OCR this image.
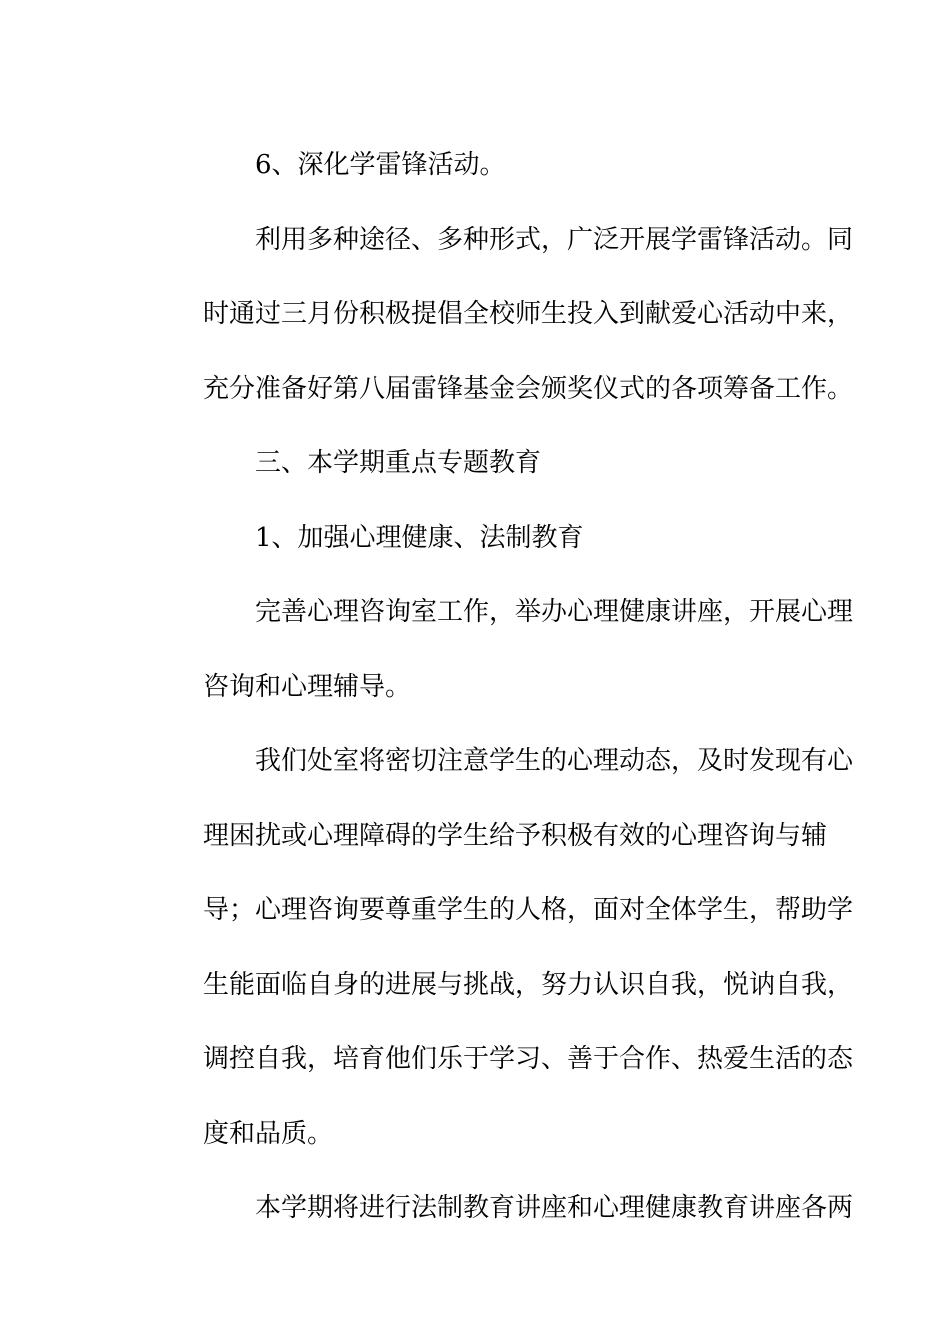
6、深化学雷锋活动。
利用多种途径、多种形式，广泛开展学雷锋活动。同
时通过三月份积极提倡全校师生投入到献爱心活动中来，
充分准备好第八届雷锋基金会颁奖仪式的各项筹备工作。
三、本学期重点专题教育
1、加强心理健康、法制教育
完善心理咨询室工作，举办心理健康讲座，开展心理
咨询和心理辅导。
我们处室将密切注意学生的心理动态，及时发现有心
理困扰或心理障碍的学生给予积极有效的心理咨询与辅
导；心理咨询要尊重学生的人格，面对全体学生，帮助学
生能面临自身的进展与挑战，努力认识自我，悦讷自我，
调控自我，培育他们乐于学习、善于合作、热爱生活的态
度和品质。
本学期将进行法制教育讲座和心理健康教育讲座各两
